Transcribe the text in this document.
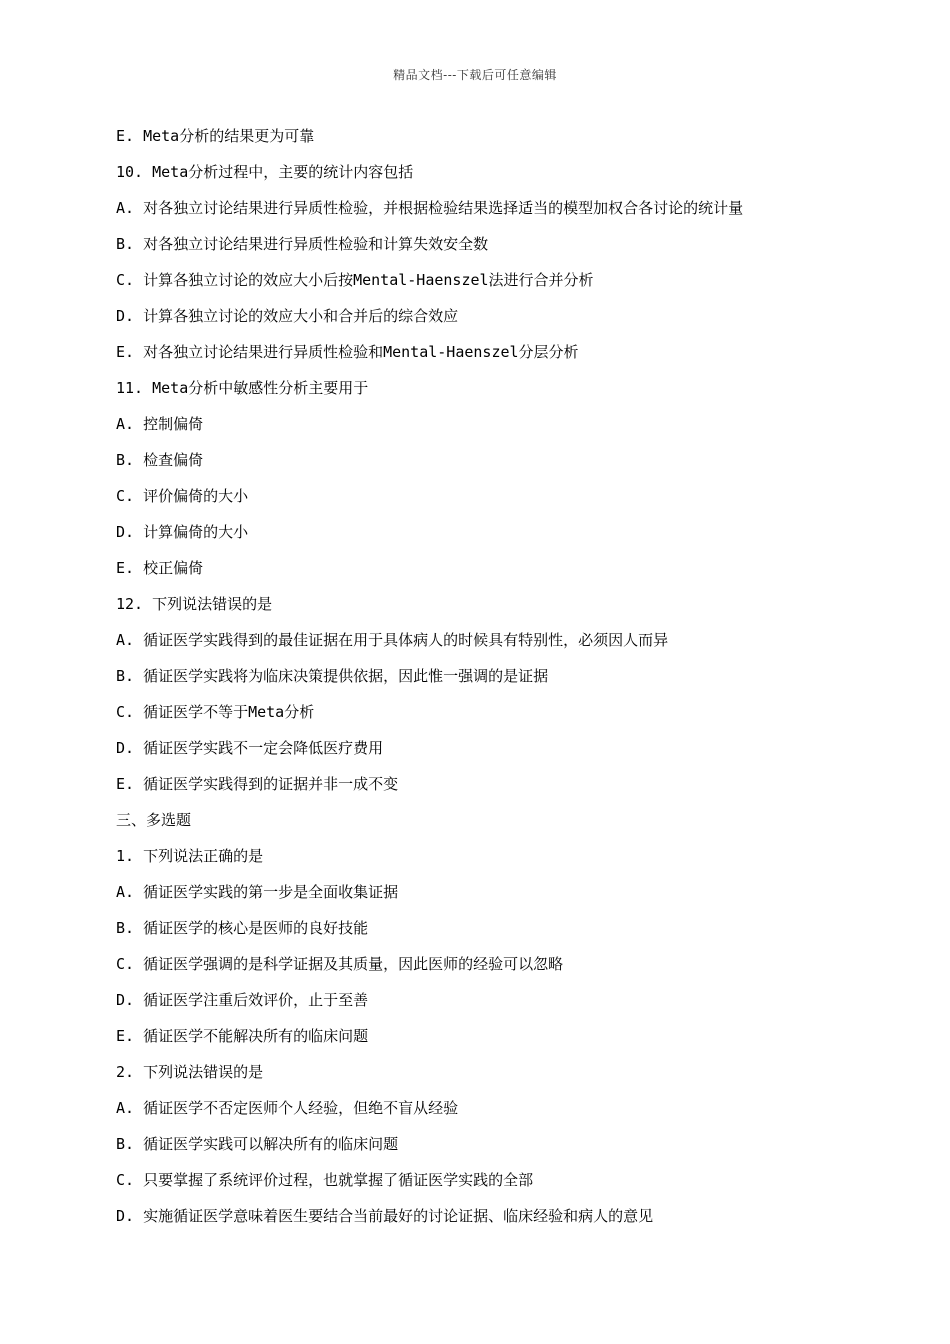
精品文档---下载后可任意编辑
E. Meta分析的结果更为可靠
10. Meta分析过程中，主要的统计内容包括
A. 对各独立讨论结果进行异质性检验，并根据检验结果选择适当的模型加权合各讨论的统计量
B. 对各独立讨论结果进行异质性检验和计算失效安全数
C. 计算各独立讨论的效应大小后按Mental-Haenszel法进行合并分析
D. 计算各独立讨论的效应大小和合并后的综合效应
E. 对各独立讨论结果进行异质性检验和Mental-Haenszel分层分析
11. Meta分析中敏感性分析主要用于
A. 控制偏倚
B. 检查偏倚
C. 评价偏倚的大小
D. 计算偏倚的大小
E. 校正偏倚
12. 下列说法错误的是
A. 循证医学实践得到的最佳证据在用于具体病人的时候具有特别性，必须因人而异
B. 循证医学实践将为临床决策提供依据，因此惟一强调的是证据
C. 循证医学不等于Meta分析
D. 循证医学实践不一定会降低医疗费用
E. 循证医学实践得到的证据并非一成不变
三、多选题
1. 下列说法正确的是
A. 循证医学实践的第一步是全面收集证据
B. 循证医学的核心是医师的良好技能
C. 循证医学强调的是科学证据及其质量，因此医师的经验可以忽略
D. 循证医学注重后效评价，止于至善
E. 循证医学不能解决所有的临床问题
2. 下列说法错误的是
A. 循证医学不否定医师个人经验，但绝不盲从经验
B. 循证医学实践可以解决所有的临床问题
C. 只要掌握了系统评价过程，也就掌握了循证医学实践的全部
D. 实施循证医学意味着医生要结合当前最好的讨论证据、临床经验和病人的意见
